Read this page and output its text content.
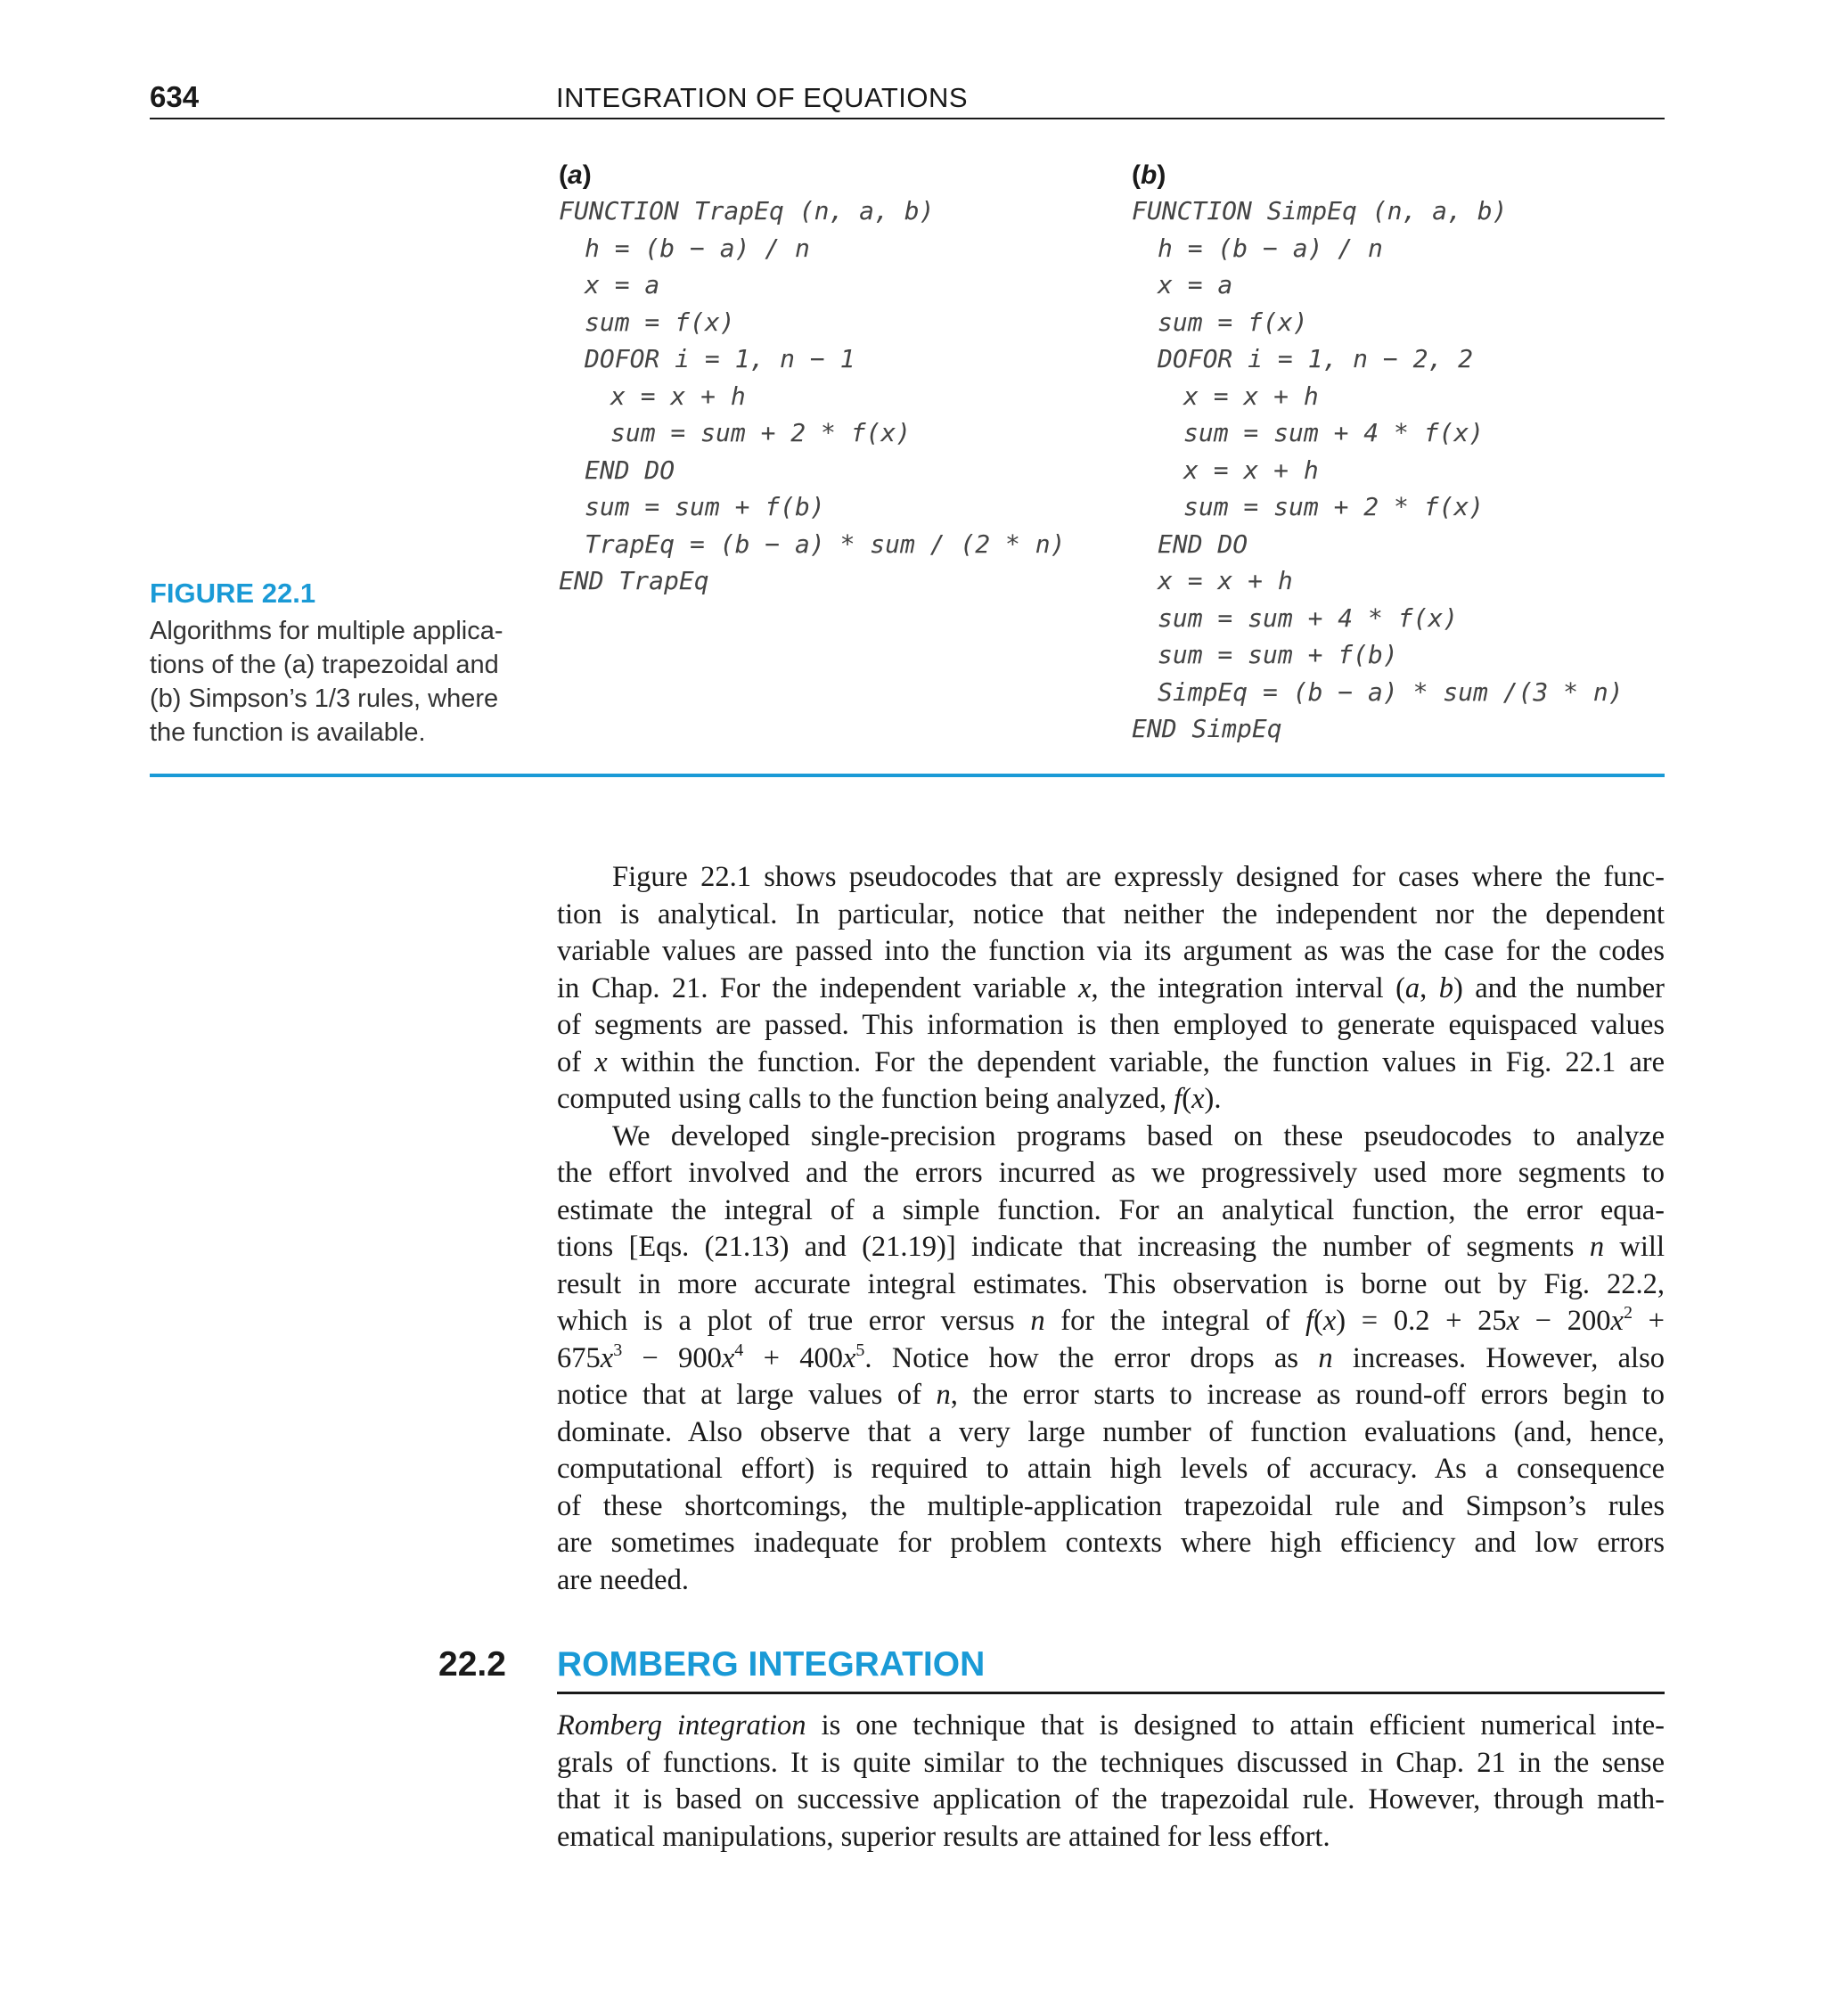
634	INTEGRATION OF EQUATIONS
(a)
FUNCTION TrapEq (n, a, b)
h = (b − a) / n
x = a
sum = f(x)
DOFOR i = 1, n − 1
x = x + h
sum = sum + 2 * f(x)
END DO
sum = sum + f(b)
TrapEq = (b − a) * sum / (2 * n)
END TrapEq
(b)
FUNCTION SimpEq (n, a, b)
h = (b − a) / n
x = a
sum = f(x)
DOFOR i = 1, n − 2, 2
x = x + h
sum = sum + 4 * f(x)
x = x + h
sum = sum + 2 * f(x)
END DO
x = x + h
sum = sum + 4 * f(x)
sum = sum + f(b)
SimpEq = (b − a) * sum /(3 * n)
END SimpEq
FIGURE 22.1
Algorithms for multiple applica-
tions of the (a) trapezoidal and
(b) Simpson’s 1/3 rules, where
the function is available.
Figure 22.1 shows pseudocodes that are expressly designed for cases where the func-
tion is analytical. In particular, notice that neither the independent nor the dependent
variable values are passed into the function via its argument as was the case for the codes
in Chap. 21. For the independent variable x, the integration interval (a, b) and the number
of segments are passed. This information is then employed to generate equispaced values
of x within the function. For the dependent variable, the function values in Fig. 22.1 are
computed using calls to the function being analyzed, f(x).
We developed single-precision programs based on these pseudocodes to analyze
the effort involved and the errors incurred as we progressively used more segments to
estimate the integral of a simple function. For an analytical function, the error equa-
tions [Eqs. (21.13) and (21.19)] indicate that increasing the number of segments n will
result in more accurate integral estimates. This observation is borne out by Fig. 22.2,
which is a plot of true error versus n for the integral of $f(x) = 0.2 + 25x - 200x^2$ +
$675x^3 - 900x^4 + 400x^5$. Notice how the error drops as n increases. However, also
notice that at large values of n, the error starts to increase as round-off errors begin to
dominate. Also observe that a very large number of function evaluations (and, hence,
computational effort) is required to attain high levels of accuracy. As a consequence
of these shortcomings, the multiple-application trapezoidal rule and Simpson’s rules
are sometimes inadequate for problem contexts where high efficiency and low errors
are needed.
22.2 ROMBERG INTEGRATION
Romberg integration is one technique that is designed to attain efficient numerical inte-
grals of functions. It is quite similar to the techniques discussed in Chap. 21 in the sense
that it is based on successive application of the trapezoidal rule. However, through math-
ematical manipulations, superior results are attained for less effort.
